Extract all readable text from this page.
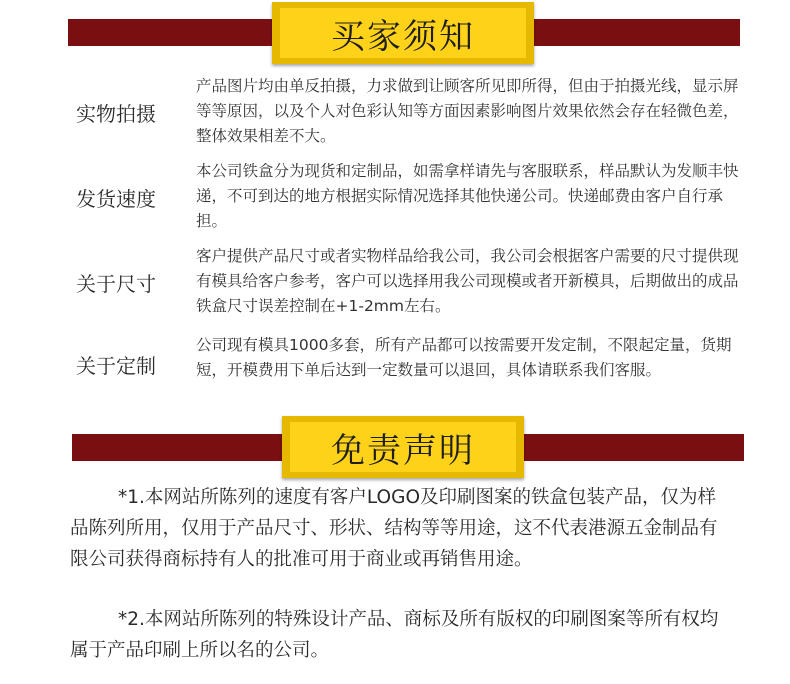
买家须知
实物拍摄
产品图片均由单反拍摄，力求做到让顾客所见即所得，但由于拍摄光线，显示屏等等原因，以及个人对色彩认知等方面因素影响图片效果依然会存在轻微色差，整体效果相差不大。
发货速度
本公司铁盒分为现货和定制品，如需拿样请先与客服联系，样品默认为发顺丰快递，不可到达的地方根据实际情况选择其他快递公司。快递邮费由客户自行承担。
关于尺寸
客户提供产品尺寸或者实物样品给我公司，我公司会根据客户需要的尺寸提供现有模具给客户参考，客户可以选择用我公司现模或者开新模具，后期做出的成品铁盒尺寸误差控制在+1-2mm左右。
关于定制
公司现有模具1000多套，所有产品都可以按需要开发定制，不限起定量，货期短，开模费用下单后达到一定数量可以退回，具体请联系我们客服。
免责声明
*1.本网站所陈列的速度有客户LOGO及印刷图案的铁盒包装产品，仅为样品陈列所用，仅用于产品尺寸、形状、结构等等用途，这不代表港源五金制品有限公司获得商标持有人的批准可用于商业或再销售用途。
*2.本网站所陈列的特殊设计产品、商标及所有版权的印刷图案等所有权均属于产品印刷上所以名的公司。
